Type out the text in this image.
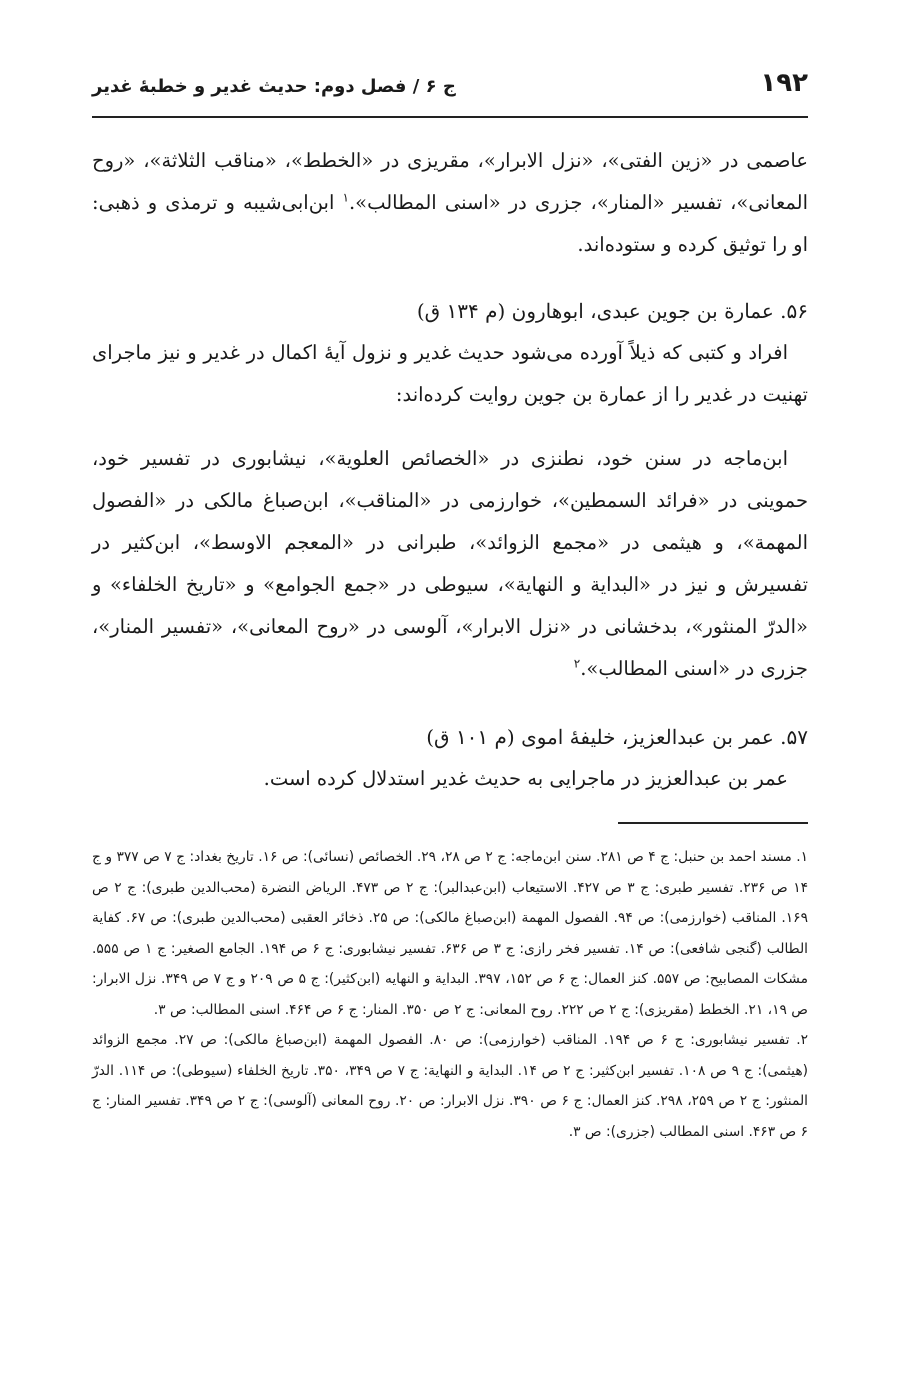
۱۹۲
ج ۶ / فصل دوم: حدیث غدیر و خطبۀ غدیر
عاصمی در «زین الفتی»، «نزل الابرار»، مقریزی در «الخطط»، «مناقب الثلاثة»، «روح المعانی»، تفسیر «المنار»، جزری در «اسنی المطالب».$^۱$ ابن‌ابی‌شیبه و ترمذی و ذهبی: او را توثیق کرده و ستوده‌اند.
۵۶. عمارة بن جوین عبدی، ابوهارون (م ۱۳۴ ق)
افراد و کتبی که ذیلاً آورده می‌شود حدیث غدیر و نزول آیۀ اکمال در غدیر و نیز ماجرای تهنیت در غدیر را از عمارة بن جوین روایت کرده‌اند:
ابن‌ماجه در سنن خود، نطنزی در «الخصائص العلویة»، نیشابوری در تفسیر خود، حموینی در «فرائد السمطین»، خوارزمی در «المناقب»، ابن‌صباغ مالکی در «الفصول المهمة»، و هیثمی در «مجمع الزوائد»، طبرانی در «المعجم الاوسط»، ابن‌کثیر در تفسیرش و نیز در «البدایة و النهایة»، سیوطی در «جمع الجوامع» و «تاریخ الخلفاء» و «الدرّ المنثور»، بدخشانی در «نزل الابرار»، آلوسی در «روح المعانی»، «تفسیر المنار»، جزری در «اسنی المطالب».$^۲$
۵۷. عمر بن عبدالعزیز، خلیفۀ اموی (م ۱۰۱ ق)
عمر بن عبدالعزیز در ماجرایی به حدیث غدیر استدلال کرده است.

۱. مسند احمد بن حنبل: ج ۴ ص ۲۸۱. سنن ابن‌ماجه: ج ۲ ص ۲۸، ۲۹. الخصائص (نسائی): ص ۱۶. تاریخ بغداد: ج ۷ ص ۳۷۷ و ج ۱۴ ص ۲۳۶. تفسیر طبری: ج ۳ ص ۴۲۷. الاستیعاب (ابن‌عبدالبر): ج ۲ ص ۴۷۳. الریاض النضرة (محب‌الدین طبری): ج ۲ ص ۱۶۹. المناقب (خوارزمی): ص ۹۴. الفصول المهمة (ابن‌صباغ مالکی): ص ۲۵. ذخائر العقبی (محب‌الدین طبری): ص ۶۷. کفایة الطالب (گنجی شافعی): ص ۱۴. تفسیر فخر رازی: ج ۳ ص ۶۳۶. تفسیر نیشابوری: ج ۶ ص ۱۹۴. الجامع الصغیر: ج ۱ ص ۵۵۵. مشکات المصابیح: ص ۵۵۷. کنز العمال: ج ۶ ص ۱۵۲، ۳۹۷. البدایة و النهایه (ابن‌کثیر): ج ۵ ص ۲۰۹ و ج ۷ ص ۳۴۹. نزل الابرار: ص ۱۹، ۲۱. الخطط (مقریزی): ج ۲ ص ۲۲۲. روح المعانی: ج ۲ ص ۳۵۰. المنار: ج ۶ ص ۴۶۴. اسنی المطالب: ص ۳.

۲. تفسیر نیشابوری: ج ۶ ص ۱۹۴. المناقب (خوارزمی): ص ۸۰. الفصول المهمة (ابن‌صباغ مالکی): ص ۲۷. مجمع الزوائد (هیثمی): ج ۹ ص ۱۰۸. تفسیر ابن‌کثیر: ج ۲ ص ۱۴. البدایة و النهایة: ج ۷ ص ۳۴۹، ۳۵۰. تاریخ الخلفاء (سیوطی): ص ۱۱۴. الدرّ المنثور: ج ۲ ص ۲۵۹، ۲۹۸. کنز العمال: ج ۶ ص ۳۹۰. نزل الابرار: ص ۲۰. روح المعانی (آلوسی): ج ۲ ص ۳۴۹. تفسیر المنار: ج ۶ ص ۴۶۳. اسنی المطالب (جزری): ص ۳.
